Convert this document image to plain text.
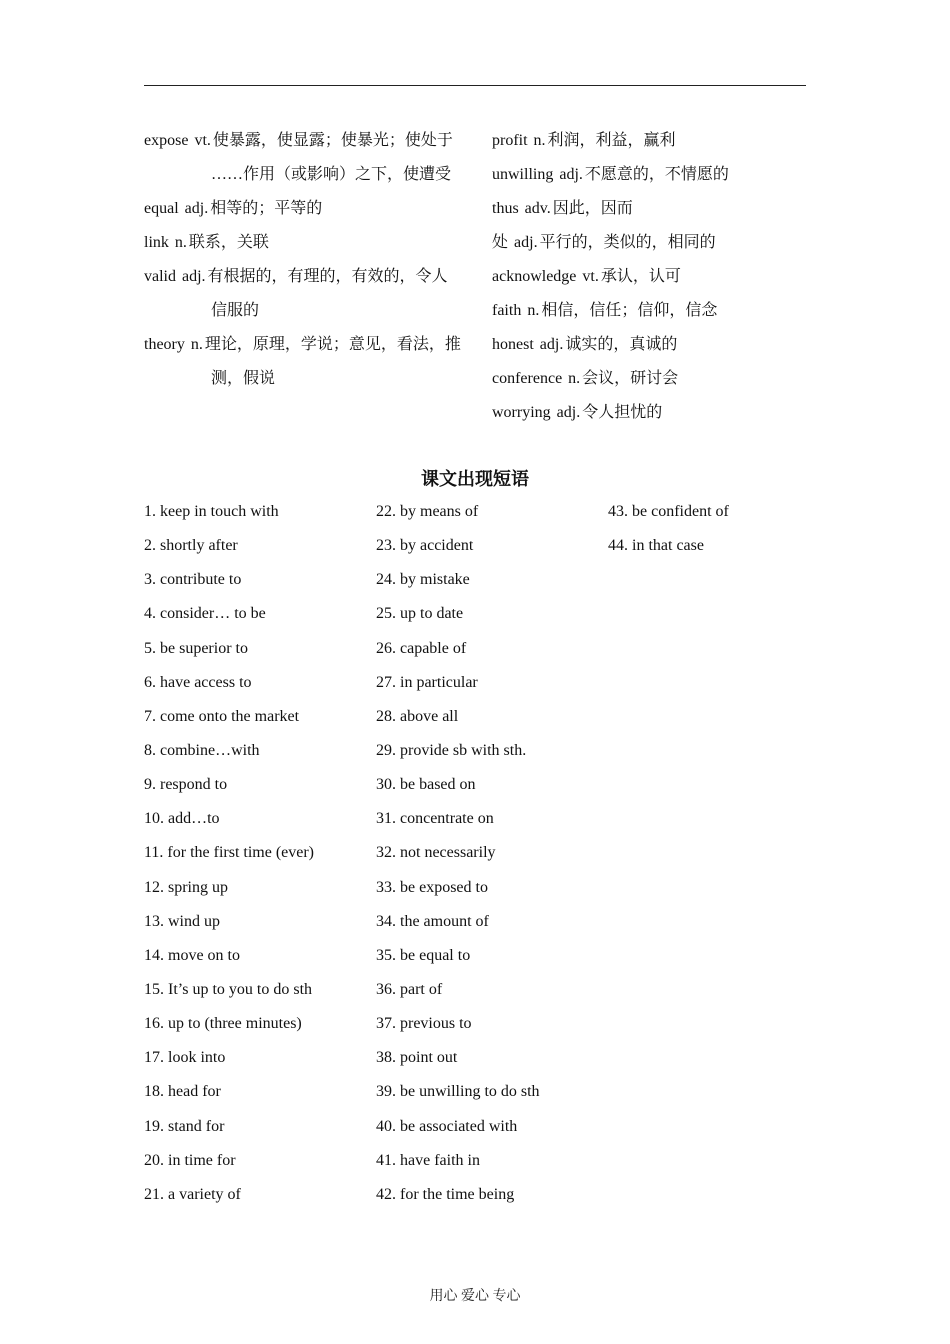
expose vt. 使暴露，使显露；使暴光；使处于
……作用（或影响）之下，使遭受
equal adj. 相等的；平等的
link n. 联系，关联
valid adj. 有根据的，有理的，有效的，令人
信服的
theory n. 理论，原理，学说；意见，看法，推
测，假说
profit n. 利润，利益，赢利
unwilling adj. 不愿意的，不情愿的
thus adv. 因此，因而
处 adj. 平行的，类似的，相同的
acknowledge vt. 承认，认可
faith n. 相信，信任；信仰，信念
honest adj. 诚实的，真诚的
conference n. 会议，研讨会
worrying adj. 令人担忧的
课文出现短语
1. keep in touch with
2. shortly after
3. contribute to
4. consider… to be
5. be superior to
6. have access to
7. come onto the market
8. combine…with
9. respond to
10. add…to
11. for the first time (ever)
12. spring up
13. wind up
14. move on to
15. It’s up to you to do sth
16. up to (three minutes)
17. look into
18. head for
19. stand for
20. in time for
21. a variety of
22. by means of
23. by accident
24. by mistake
25. up to date
26. capable of
27. in particular
28. above all
29. provide sb with sth.
30. be based on
31. concentrate on
32. not necessarily
33. be exposed to
34. the amount of
35. be equal to
36. part of
37. previous to
38. point out
39. be unwilling to do sth
40. be associated with
41. have faith in
42. for the time being
43. be confident of
44. in that case
用心 爱心 专心
